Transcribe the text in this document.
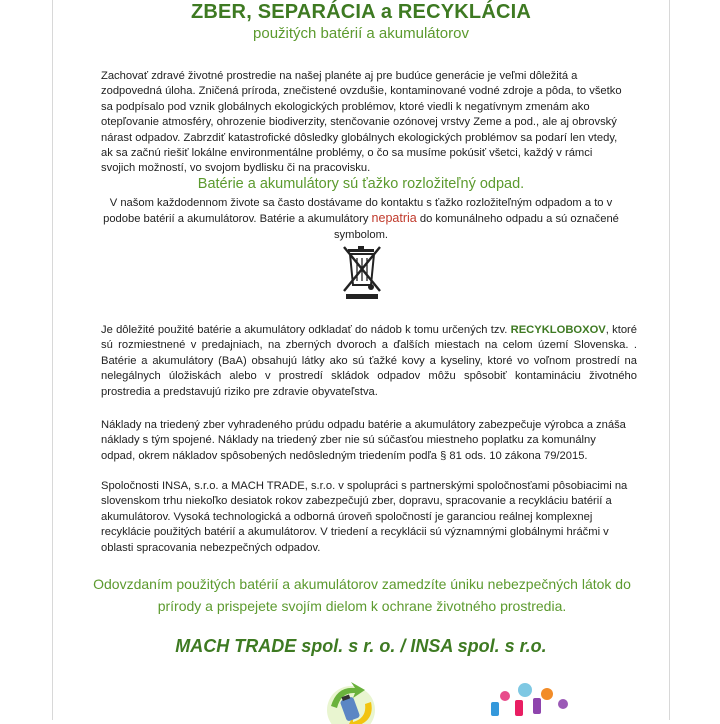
ZBER, SEPARÁCIA a RECYKLÁCIA
použitých batérií a akumulátorov
Zachovať zdravé životné prostredie na našej planéte aj pre budúce generácie je veľmi dôležitá a zodpovedná úloha. Zničená príroda, znečistené ovzdušie, kontaminované vodné zdroje a pôda, to všetko sa podpísalo pod vznik globálnych ekologických problémov, ktoré viedli k negatívnym zmenám ako otepľovanie atmosféry, ohrozenie biodiverzity, stenčovanie ozónovej vrstvy Zeme a pod., ale aj obrovský nárast odpadov. Zabrzdiť katastrofické dôsledky globálnych ekologických problémov sa podarí len vtedy, ak sa začnú riešiť lokálne environmentálne problémy, o čo sa musíme pokúsiť všetci, každý v rámci svojich možností, vo svojom bydlisku či na pracovisku.
Batérie a akumulátory sú ťažko rozložiteľný odpad.
V našom každodennom živote sa často dostávame do kontaktu s ťažko rozložiteľným odpadom a to v podobe batérií a akumulátorov. Batérie a akumulátory nepatria do komunálneho odpadu a sú označené symbolom.
Je dôležité použité batérie a akumulátory odkladať do nádob k tomu určených tzv. RECYKLOBOXOV, ktoré sú rozmiestnené v predajniach, na zberných dvoroch a ďalších miestach na celom území Slovenska. . Batérie a akumulátory (BaA) obsahujú látky ako sú ťažké kovy a kyseliny, ktoré vo voľnom prostredí na nelegálnych úložiskách alebo v prostredí skládok odpadov môžu spôsobiť kontamináciu životného prostredia a predstavujú riziko pre zdravie obyvateľstva.
Náklady na triedený zber vyhradeného prúdu odpadu batérie a akumulátory zabezpečuje výrobca a znáša náklady s tým spojené. Náklady na triedený zber nie sú súčasťou miestneho poplatku za komunálny odpad, okrem nákladov spôsobených nedôsledným triedením podľa § 81 ods. 10 zákona 79/2015.
Spoločnosti INSA, s.r.o. a MACH TRADE, s.r.o. v spolupráci s partnerskými spoločnosťami pôsobiacimi na slovenskom trhu niekoľko desiatok rokov zabezpečujú zber, dopravu, spracovanie a recykláciu batérií a akumulátorov. Vysoká technologická a odborná úroveň spoločností je garanciou reálnej komplexnej recyklácie použitých batérií a akumulátorov. V triedení a recyklácii sú významnými globálnymi hráčmi v oblasti spracovania nebezpečných odpadov.
Odovzdaním použitých batérií a akumulátorov zamedzíte úniku nebezpečných látok do prírody a prispejete svojím dielom k ochrane životného prostredia.
MACH TRADE spol. s r. o. / INSA spol. s r.o.
